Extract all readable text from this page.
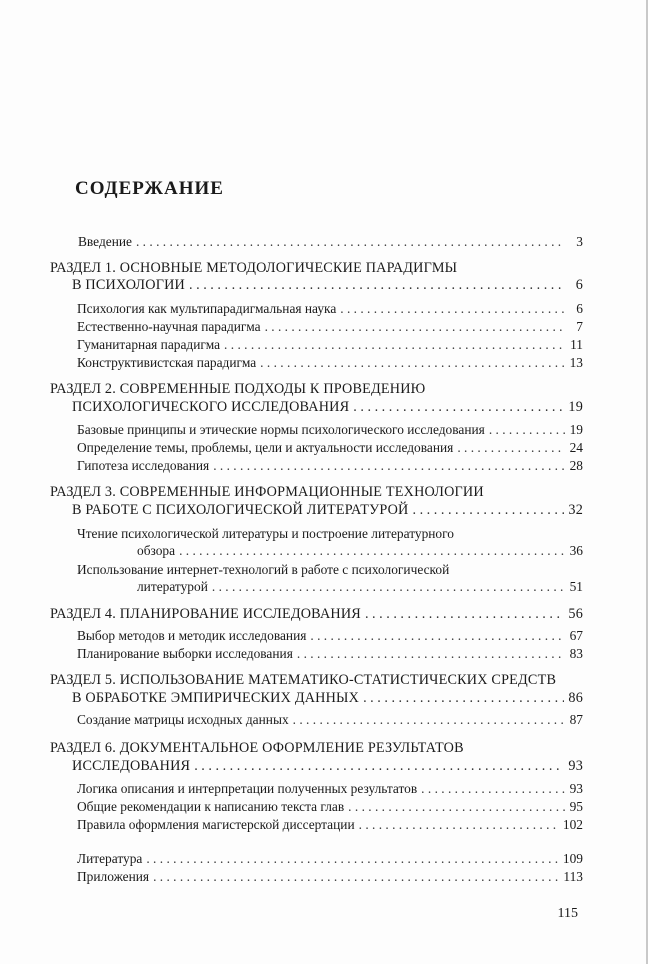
СОДЕРЖАНИЕ
Введение . . .	3
РАЗДЕЛ 1. ОСНОВНЫЕ МЕТОДОЛОГИЧЕСКИЕ ПАРАДИГМЫ
В ПСИХОЛОГИИ . . .	6
Психология как мультипарадигмальная наука . . .	6
Естественно-научная парадигма . . .	7
Гуманитарная парадигма . . .	11
Конструктивистская парадигма . . .	13
РАЗДЕЛ 2. СОВРЕМЕННЫЕ ПОДХОДЫ К ПРОВЕДЕНИЮ
ПСИХОЛОГИЧЕСКОГО ИССЛЕДОВАНИЯ . . .	19
Базовые принципы и этические нормы психологического исследования . . .	19
Определение темы, проблемы, цели и актуальности исследования . . .	24
Гипотеза исследования . . .	28
РАЗДЕЛ 3. СОВРЕМЕННЫЕ ИНФОРМАЦИОННЫЕ ТЕХНОЛОГИИ
В РАБОТЕ С ПСИХОЛОГИЧЕСКОЙ ЛИТЕРАТУРОЙ . . .	32
Чтение психологической литературы и построение литературного
обзора . . .	36
Использование интернет-технологий в работе с психологической
литературой . . .	51
РАЗДЕЛ 4. ПЛАНИРОВАНИЕ ИССЛЕДОВАНИЯ . . .	56
Выбор методов и методик исследования . . .	67
Планирование выборки исследования . . .	83
РАЗДЕЛ 5. ИСПОЛЬЗОВАНИЕ МАТЕМАТИКО-СТАТИСТИЧЕСКИХ СРЕДСТВ
В ОБРАБОТКЕ ЭМПИРИЧЕСКИХ ДАННЫХ . . .	86
Создание матрицы исходных данных . . .	87
РАЗДЕЛ 6. ДОКУМЕНТАЛЬНОЕ ОФОРМЛЕНИЕ РЕЗУЛЬТАТОВ
ИССЛЕДОВАНИЯ . . .	93
Логика описания и интерпретации полученных результатов . . .	93
Общие рекомендации к написанию текста глав . . .	95
Правила оформления магистерской диссертации . . .	102
Литература . . .	109
Приложения . . .	113
115
